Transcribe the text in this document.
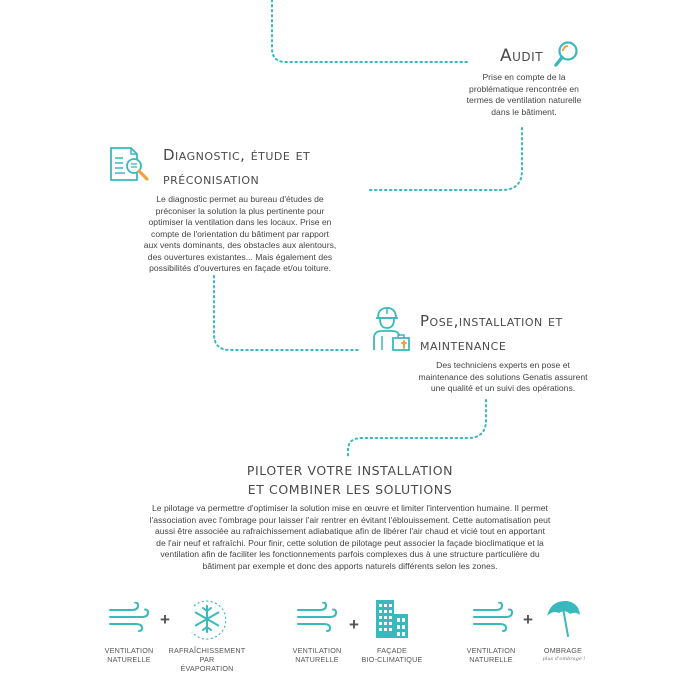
Audit
Prise en compte de la
problématique rencontrée en
termes de ventilation naturelle
dans le bâtiment.
Diagnostic, étude et
préconisation
Le diagnostic permet au bureau d'études de
préconiser la solution la plus pertinente pour
optimiser la ventilation dans les locaux. Prise en
compte de l'orientation du bâtiment par rapport
aux vents dominants, des obstacles aux alentours,
des ouvertures existantes... Mais également des
possibilités d'ouvertures en façade et/ou toiture.
Pose,installation et
maintenance
Des techniciens experts en pose et
maintenance des solutions Genatis assurent
une qualité et un suivi des opérations.
PILOTER VOTRE INSTALLATION
ET COMBINER LES SOLUTIONS
Le pilotage va permettre d'optimiser la solution mise en œuvre et limiter l'intervention humaine. Il permet
l'association avec l'ombrage pour laisser l'air rentrer en évitant l'éblouissement. Cette automatisation peut
aussi être associée au rafraichissement adiabatique afin de libérer l'air chaud et vicié tout en apportant
de l'air neuf et rafraîchi. Pour finir, cette solution de pilotage peut associer la façade bioclimatique et la
ventilation afin de faciliter les fonctionnements parfois complexes dus à une structure particulière du
bâtiment par exemple et donc des apports naturels différents selon les zones.
+
VENTILATION
NATURELLE
RAFRAÎCHISSEMENT
PAR
ÉVAPORATION
+
VENTILATION
NATURELLE
FAÇADE
BIO-CLIMATIQUE
+
VENTILATION
NATURELLE
OMBRAGE
plus d'ombrage !
